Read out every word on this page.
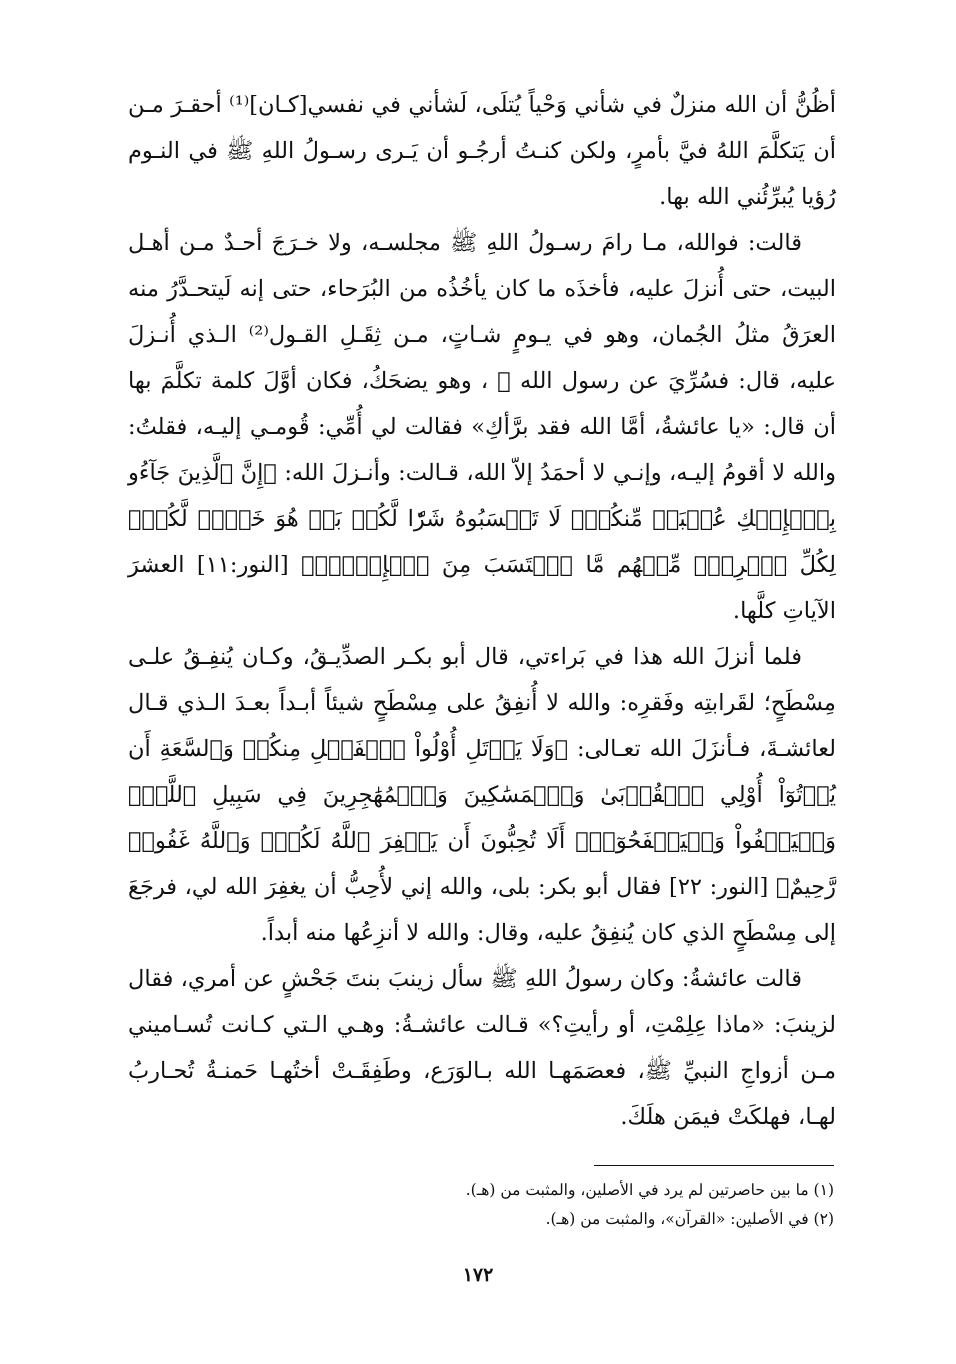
أظُنُّ أن الله منزلٌ في شأني وَحْياً يُتلَى، لَشأني في نفسي[كـان]⁽¹⁾ أحقـرَ مـن أن يَتكلَّمَ اللهُ فيَّ بأمرٍ، ولكن كنـتُ أرجُـو أن يَـرى رسـولُ اللهِ ﷺ في النـوم رُؤيا يُبرِّئُني الله بها.

قالت: فوالله، مـا رامَ رسـولُ اللهِ ﷺ مجلسـه، ولا خـرَجَ أحـدٌ مـن أهـل البيت، حتى أُنزلَ عليه، فأخذَه ما كان يأخُذُه من البُرَحاء، حتى إنه لَيتحـدَّرُ منه العرَقُ مثلُ الجُمان، وهو في يـومٍ شـاتٍ، مـن ثِقَـلِ القـول⁽²⁾ الـذي أُنـزلَ عليه، قال: فسُرِّيَ عن رسول الله ﷺ ، وهو يضحَكُ، فكان أوَّلَ كلمة تكلَّمَ بها أن قال: «يا عائشةُ، أمَّا الله فقد برَّأكِ» فقالت لي أُمِّي: قُومـي إليـه، فقلتُ: والله لا أقومُ إليـه، وإنـي لا أحمَدُ إلاّ الله، قـالت: وأنـزلَ الله: ﴿إِنَّ ٱلَّذِينَ جَآءُو بِٱلۡإِفۡكِ عُصۡبَةٞ مِّنكُمۡۚ لَا تَحۡسَبُوهُ شَرّٗا لَّكُمۖ بَلۡ هُوَ خَيۡرٞ لَّكُمۡۚ لِكُلِّ ٱمۡرِيٕٖ مِّنۡهُم مَّا ٱكۡتَسَبَ مِنَ ٱلۡإِثۡمِۚ﴾ [النور:١١] العشرَ الآياتِ كلَّها.

فلما أنزلَ الله هذا في بَراءتي، قال أبو بكـر الصدِّيـقُ، وكـان يُنفِـقُ علـى مِسْطَحٍ؛ لقَرابتِه وفَقرِه: والله لا أُنفِقُ على مِسْطَحٍ شيئاً أبـداً بعـدَ الـذي قـال لعائشـةَ، فـأنزَلَ الله تعـالى: ﴿وَلَا يَأۡتَلِ أُوْلُواْ ٱلۡفَضۡلِ مِنكُمۡ وَٱلسَّعَةِ أَن يُؤۡتُوٓاْ أُوْلِي ٱلۡقُرۡبَىٰ وَٱلۡمَسَٰكِينَ وَٱلۡمُهَٰجِرِينَ فِي سَبِيلِ ٱللَّهِۖ وَلۡيَعۡفُواْ وَلۡيَصۡفَحُوٓاْۗ أَلَا تُحِبُّونَ أَن يَغۡفِرَ ٱللَّهُ لَكُمۡۚ وَٱللَّهُ غَفُورٞ رَّحِيمٌ﴾ [النور: ٢٢] فقال أبو بكر: بلى، والله إني لأُحِبُّ أن يغفِرَ الله لي، فرجَعَ إلى مِسْطَحٍ الذي كان يُنفِقُ عليه، وقال: والله لا أنزِعُها منه أبداً.

قالت عائشةُ: وكان رسولُ اللهِ ﷺ سأل زينبَ بنتَ جَحْشٍ عن أمري، فقال لزينبَ: «ماذا عِلِمْتِ، أو رأيتِ؟» قـالت عائشـةُ: وهـي الـتي كـانت تُسـاميني مـن أزواجِ النبيِّ ﷺ، فعصَمَهـا الله بـالوَرَع، وطَفِقَـتْ أختُهـا حَمنـةُ تُحـاربُ لهـا، فهلكَتْ فيمَن هلَكَ.

(١) ما بين حاصرتين لم يرد في الأصلين، والمثبت من (هـ).

(٢) في الأصلين: «القرآن»، والمثبت من (هـ).

١٧٢
